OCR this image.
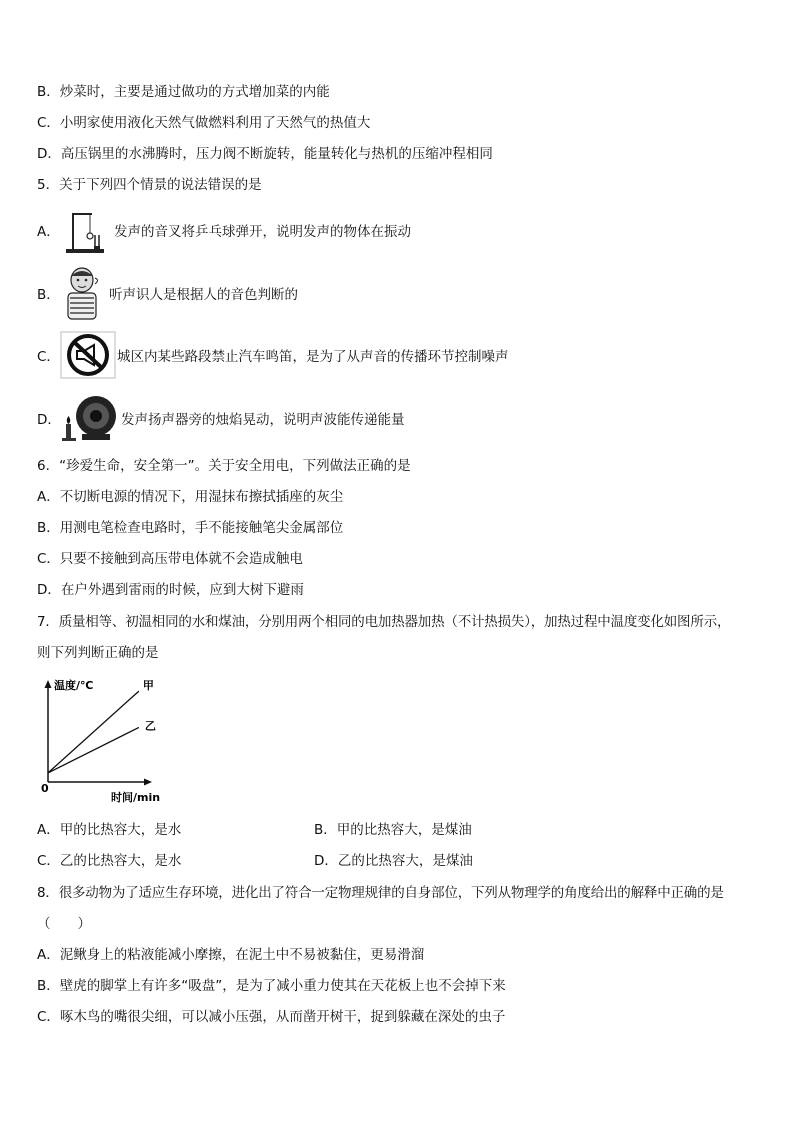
B．炒菜时，主要是通过做功的方式增加菜的内能
C．小明家使用液化天然气做燃料利用了天然气的热值大
D．高压锅里的水沸腾时，压力阀不断旋转，能量转化与热机的压缩冲程相同
5．关于下列四个情景的说法错误的是
A．	发声的音叉将乒乓球弹开，说明发声的物体在振动
B．	听声识人是根据人的音色判断的
C．	城区内某些路段禁止汽车鸣笛，是为了从声音的传播环节控制噪声
D．	发声扬声器旁的烛焰晃动，说明声波能传递能量
6．“珍爱生命，安全第一”。关于安全用电，下列做法正确的是
A．不切断电源的情况下，用湿抹布擦拭插座的灰尘
B．用测电笔检查电路时，手不能接触笔尖金属部位
C．只要不接触到高压带电体就不会造成触电
D．在户外遇到雷雨的时候，应到大树下避雨
7．质量相等、初温相同的水和煤油，分别用两个相同的电加热器加热（不计热损失），加热过程中温度变化如图所示，
则下列判断正确的是
甲
乙
温度/℃
时间/min
0
A．甲的比热容大，是水	B．甲的比热容大，是煤油
C．乙的比热容大，是水	D．乙的比热容大，是煤油
8．很多动物为了适应生存环境，进化出了符合一定物理规律的自身部位，下列从物理学的角度给出的解释中正确的是
（　　）
A．泥鳅身上的粘液能减小摩擦，在泥土中不易被黏住，更易滑溜
B．壁虎的脚掌上有许多“吸盘”，是为了减小重力使其在天花板上也不会掉下来
C．啄木鸟的嘴很尖细，可以减小压强，从而凿开树干，捉到躲藏在深处的虫子
